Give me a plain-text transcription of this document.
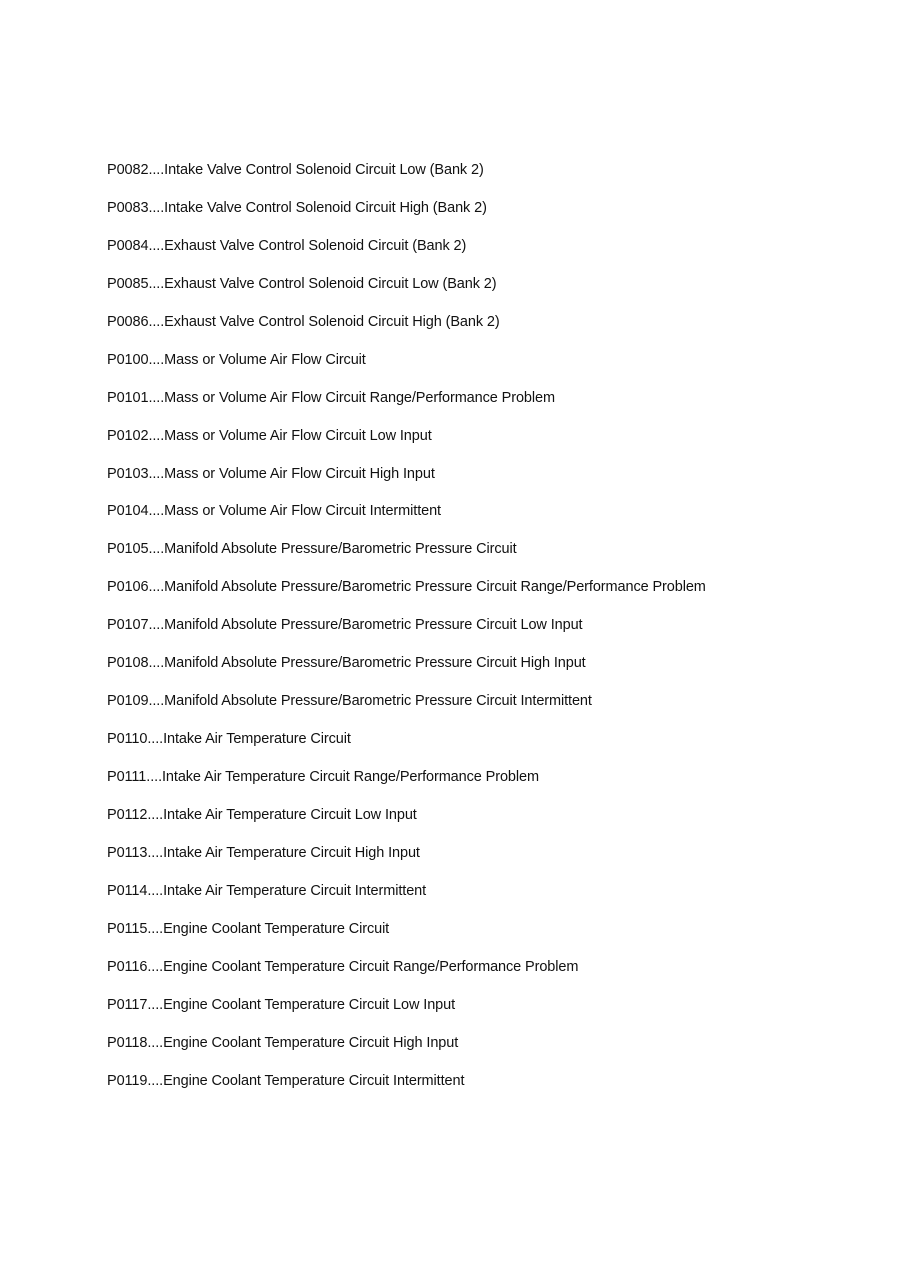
P0082....Intake Valve Control Solenoid Circuit Low (Bank 2)
P0083....Intake Valve Control Solenoid Circuit High (Bank 2)
P0084....Exhaust Valve Control Solenoid Circuit (Bank 2)
P0085....Exhaust Valve Control Solenoid Circuit Low (Bank 2)
P0086....Exhaust Valve Control Solenoid Circuit High (Bank 2)
P0100....Mass or Volume Air Flow Circuit
P0101....Mass or Volume Air Flow Circuit Range/Performance Problem
P0102....Mass or Volume Air Flow Circuit Low Input
P0103....Mass or Volume Air Flow Circuit High Input
P0104....Mass or Volume Air Flow Circuit Intermittent
P0105....Manifold Absolute Pressure/Barometric Pressure Circuit
P0106....Manifold Absolute Pressure/Barometric Pressure Circuit Range/Performance Problem
P0107....Manifold Absolute Pressure/Barometric Pressure Circuit Low Input
P0108....Manifold Absolute Pressure/Barometric Pressure Circuit High Input
P0109....Manifold Absolute Pressure/Barometric Pressure Circuit Intermittent
P0110....Intake Air Temperature Circuit
P0111....Intake Air Temperature Circuit Range/Performance Problem
P0112....Intake Air Temperature Circuit Low Input
P0113....Intake Air Temperature Circuit High Input
P0114....Intake Air Temperature Circuit Intermittent
P0115....Engine Coolant Temperature Circuit
P0116....Engine Coolant Temperature Circuit Range/Performance Problem
P0117....Engine Coolant Temperature Circuit Low Input
P0118....Engine Coolant Temperature Circuit High Input
P0119....Engine Coolant Temperature Circuit Intermittent
